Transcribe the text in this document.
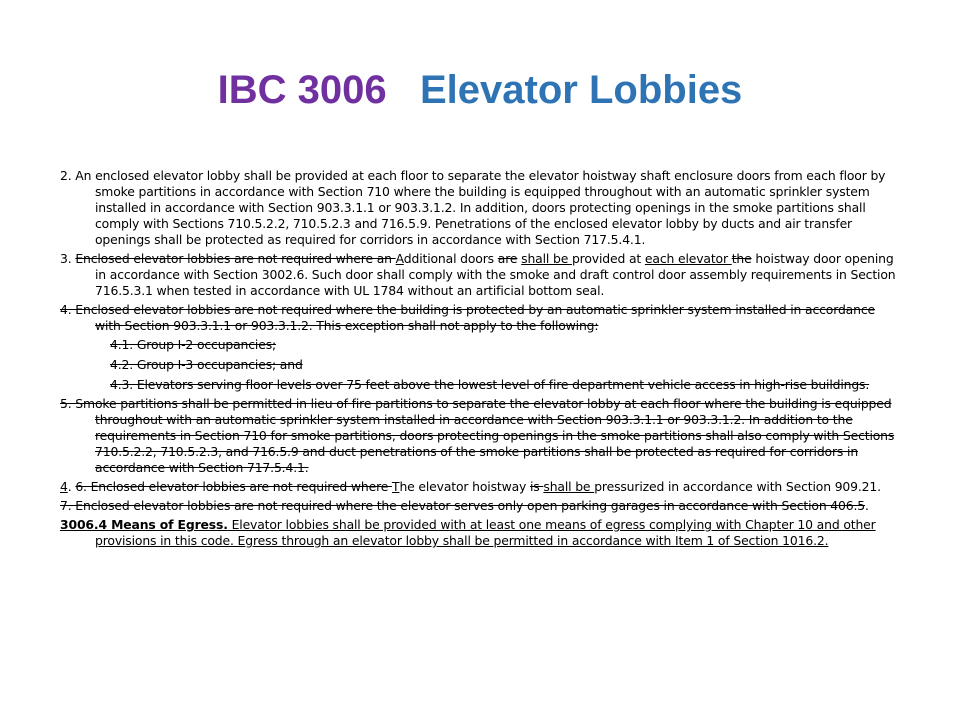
IBC 3006 Elevator Lobbies
2. An enclosed elevator lobby shall be provided at each floor to separate the elevator hoistway shaft enclosure doors from each floor by smoke partitions in accordance with Section 710 where the building is equipped throughout with an automatic sprinkler system installed in accordance with Section 903.3.1.1 or 903.3.1.2. In addition, doors protecting openings in the smoke partitions shall comply with Sections 710.5.2.2, 710.5.2.3 and 716.5.9. Penetrations of the enclosed elevator lobby by ducts and air transfer openings shall be protected as required for corridors in accordance with Section 717.5.4.1.
3. Enclosed elevator lobbies are not required where an Additional doors are shall be provided at each elevator the hoistway door opening in accordance with Section 3002.6. Such door shall comply with the smoke and draft control door assembly requirements in Section 716.5.3.1 when tested in accordance with UL 1784 without an artificial bottom seal.
4. Enclosed elevator lobbies are not required where the building is protected by an automatic sprinkler system installed in accordance with Section 903.3.1.1 or 903.3.1.2. This exception shall not apply to the following:
4.1. Group I-2 occupancies;
4.2. Group I-3 occupancies; and
4.3. Elevators serving floor levels over 75 feet above the lowest level of fire department vehicle access in high-rise buildings.
5. Smoke partitions shall be permitted in lieu of fire partitions to separate the elevator lobby at each floor where the building is equipped throughout with an automatic sprinkler system installed in accordance with Section 903.3.1.1 or 903.3.1.2. In addition to the requirements in Section 710 for smoke partitions, doors protecting openings in the smoke partitions shall also comply with Sections 710.5.2.2, 710.5.2.3, and 716.5.9 and duct penetrations of the smoke partitions shall be protected as required for corridors in accordance with Section 717.5.4.1.
4. 6. Enclosed elevator lobbies are not required where The elevator hoistway is shall be pressurized in accordance with Section 909.21.
7. Enclosed elevator lobbies are not required where the elevator serves only open parking garages in accordance with Section 406.5.
3006.4 Means of Egress. Elevator lobbies shall be provided with at least one means of egress complying with Chapter 10 and other provisions in this code. Egress through an elevator lobby shall be permitted in accordance with Item 1 of Section 1016.2.
